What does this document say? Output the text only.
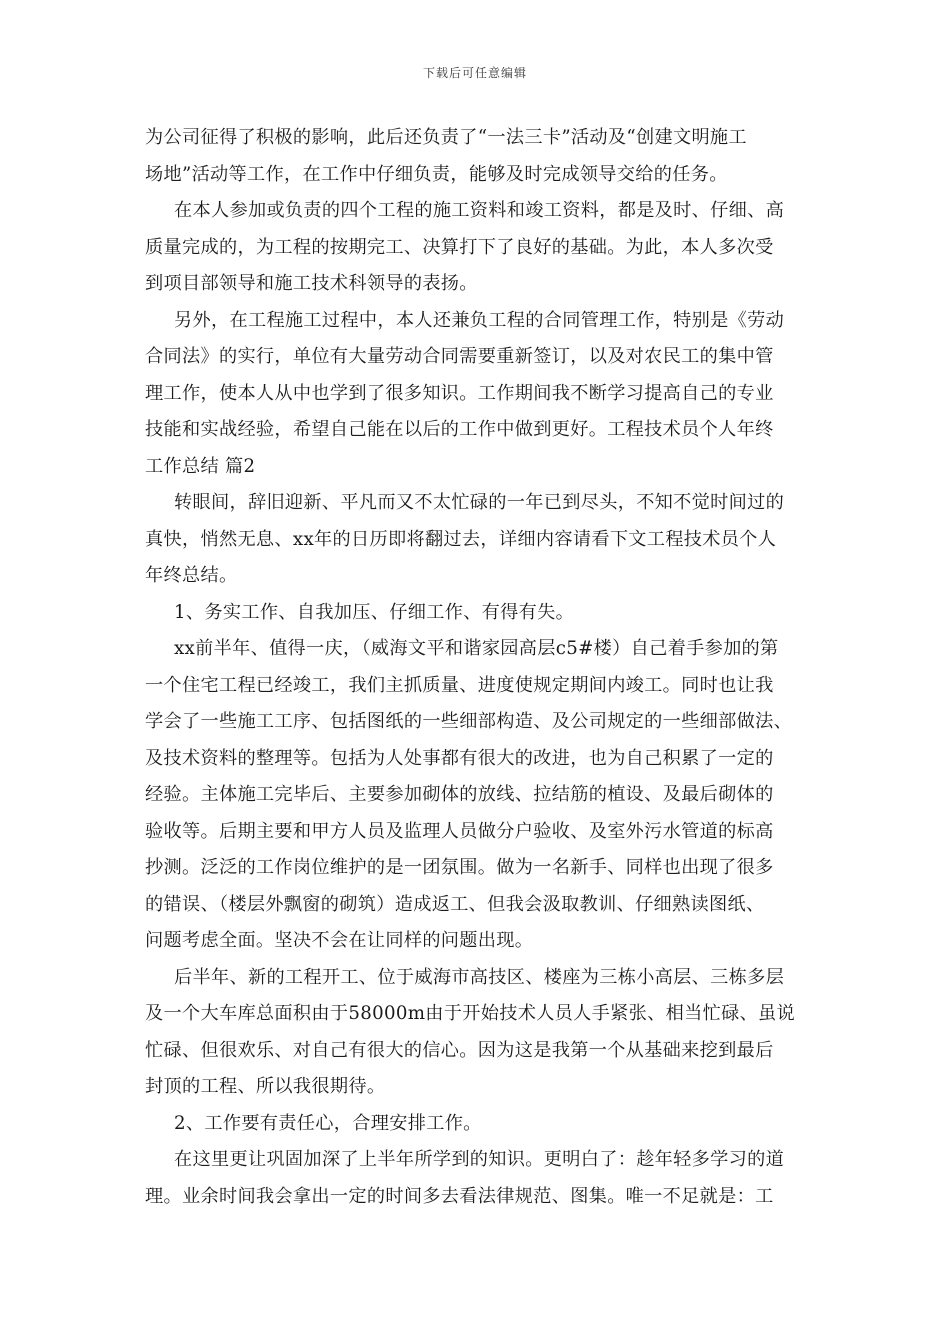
下载后可任意编辑
为公司征得了积极的影响，此后还负责了“一法三卡”活动及“创建文明施工
场地”活动等工作，在工作中仔细负责，能够及时完成领导交给的任务。
在本人参加或负责的四个工程的施工资料和竣工资料，都是及时、仔细、高
质量完成的，为工程的按期完工、决算打下了良好的基础。为此，本人多次受
到项目部领导和施工技术科领导的表扬。
另外，在工程施工过程中，本人还兼负工程的合同管理工作，特别是《劳动
合同法》的实行，单位有大量劳动合同需要重新签订，以及对农民工的集中管
理工作，使本人从中也学到了很多知识。工作期间我不断学习提高自己的专业
技能和实战经验，希望自己能在以后的工作中做到更好。工程技术员个人年终
工作总结 篇2
转眼间，辞旧迎新、平凡而又不太忙碌的一年已到尽头，不知不觉时间过的
真快，悄然无息、xx年的日历即将翻过去，详细内容请看下文工程技术员个人
年终总结。
1、务实工作、自我加压、仔细工作、有得有失。
xx前半年、值得一庆，（威海文平和谐家园高层c5#楼）自己着手参加的第
一个住宅工程已经竣工，我们主抓质量、进度使规定期间内竣工。同时也让我
学会了一些施工工序、包括图纸的一些细部构造、及公司规定的一些细部做法、
及技术资料的整理等。包括为人处事都有很大的改进，也为自己积累了一定的
经验。主体施工完毕后、主要参加砌体的放线、拉结筋的植设、及最后砌体的
验收等。后期主要和甲方人员及监理人员做分户验收、及室外污水管道的标高
抄测。泛泛的工作岗位维护的是一团氛围。做为一名新手、同样也出现了很多
的错误、（楼层外飘窗的砌筑）造成返工、但我会汲取教训、仔细熟读图纸、
问题考虑全面。坚决不会在让同样的问题出现。
后半年、新的工程开工、位于威海市高技区、楼座为三栋小高层、三栋多层
及一个大车库总面积由于58000m由于开始技术人员人手紧张、相当忙碌、虽说
忙碌、但很欢乐、对自己有很大的信心。因为这是我第一个从基础来挖到最后
封顶的工程、所以我很期待。
2、工作要有责任心，合理安排工作。
在这里更让巩固加深了上半年所学到的知识。更明白了：趁年轻多学习的道
理。业余时间我会拿出一定的时间多去看法律规范、图集。唯一不足就是：工
